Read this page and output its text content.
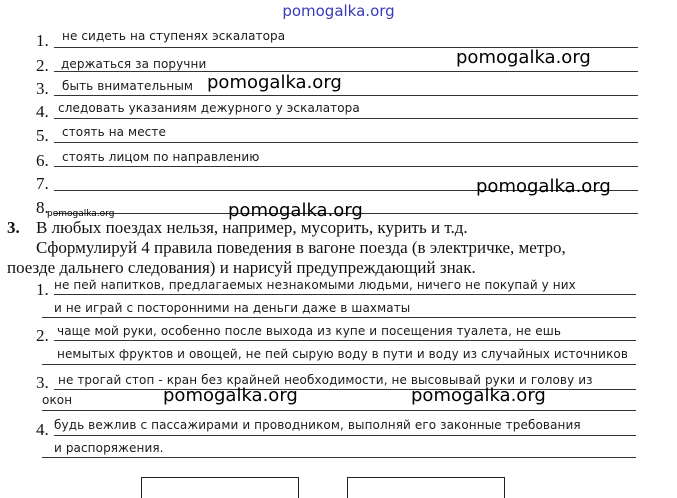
pomogalka.org
1. не сидеть на ступенях эскалатора
2. держаться за поручни
3. быть внимательным
4. следовать указаниям дежурного у эскалатора
5. стоять на месте
6. стоять лицом по направлению
7.
8.
pomogalka.org
pomogalka.org
pomogalka.org
pomogalka.org
pomogalka.org
3. В любых поездах нельзя, например, мусорить, курить и т.д.
Сформулируй 4 правила поведения в вагоне поезда (в электричке, метро,
поезде дальнего следования) и нарисуй предупреждающий знак.
1. не пей напитков, предлагаемых незнакомыми людьми, ничего не покупай у них
и не играй с посторонними на деньги даже в шахматы
2. чаще мой руки, особенно после выхода из купе и посещения туалета, не ешь
немытых фруктов и овощей, не пей сырую воду в пути и воду из случайных источников
3. не трогай стоп - кран без крайней необходимости, не высовывай руки и голову из
окон
4. будь вежлив с пассажирами и проводником, выполняй его законные требования
и распоряжения.
pomogalka.org	pomogalka.org
